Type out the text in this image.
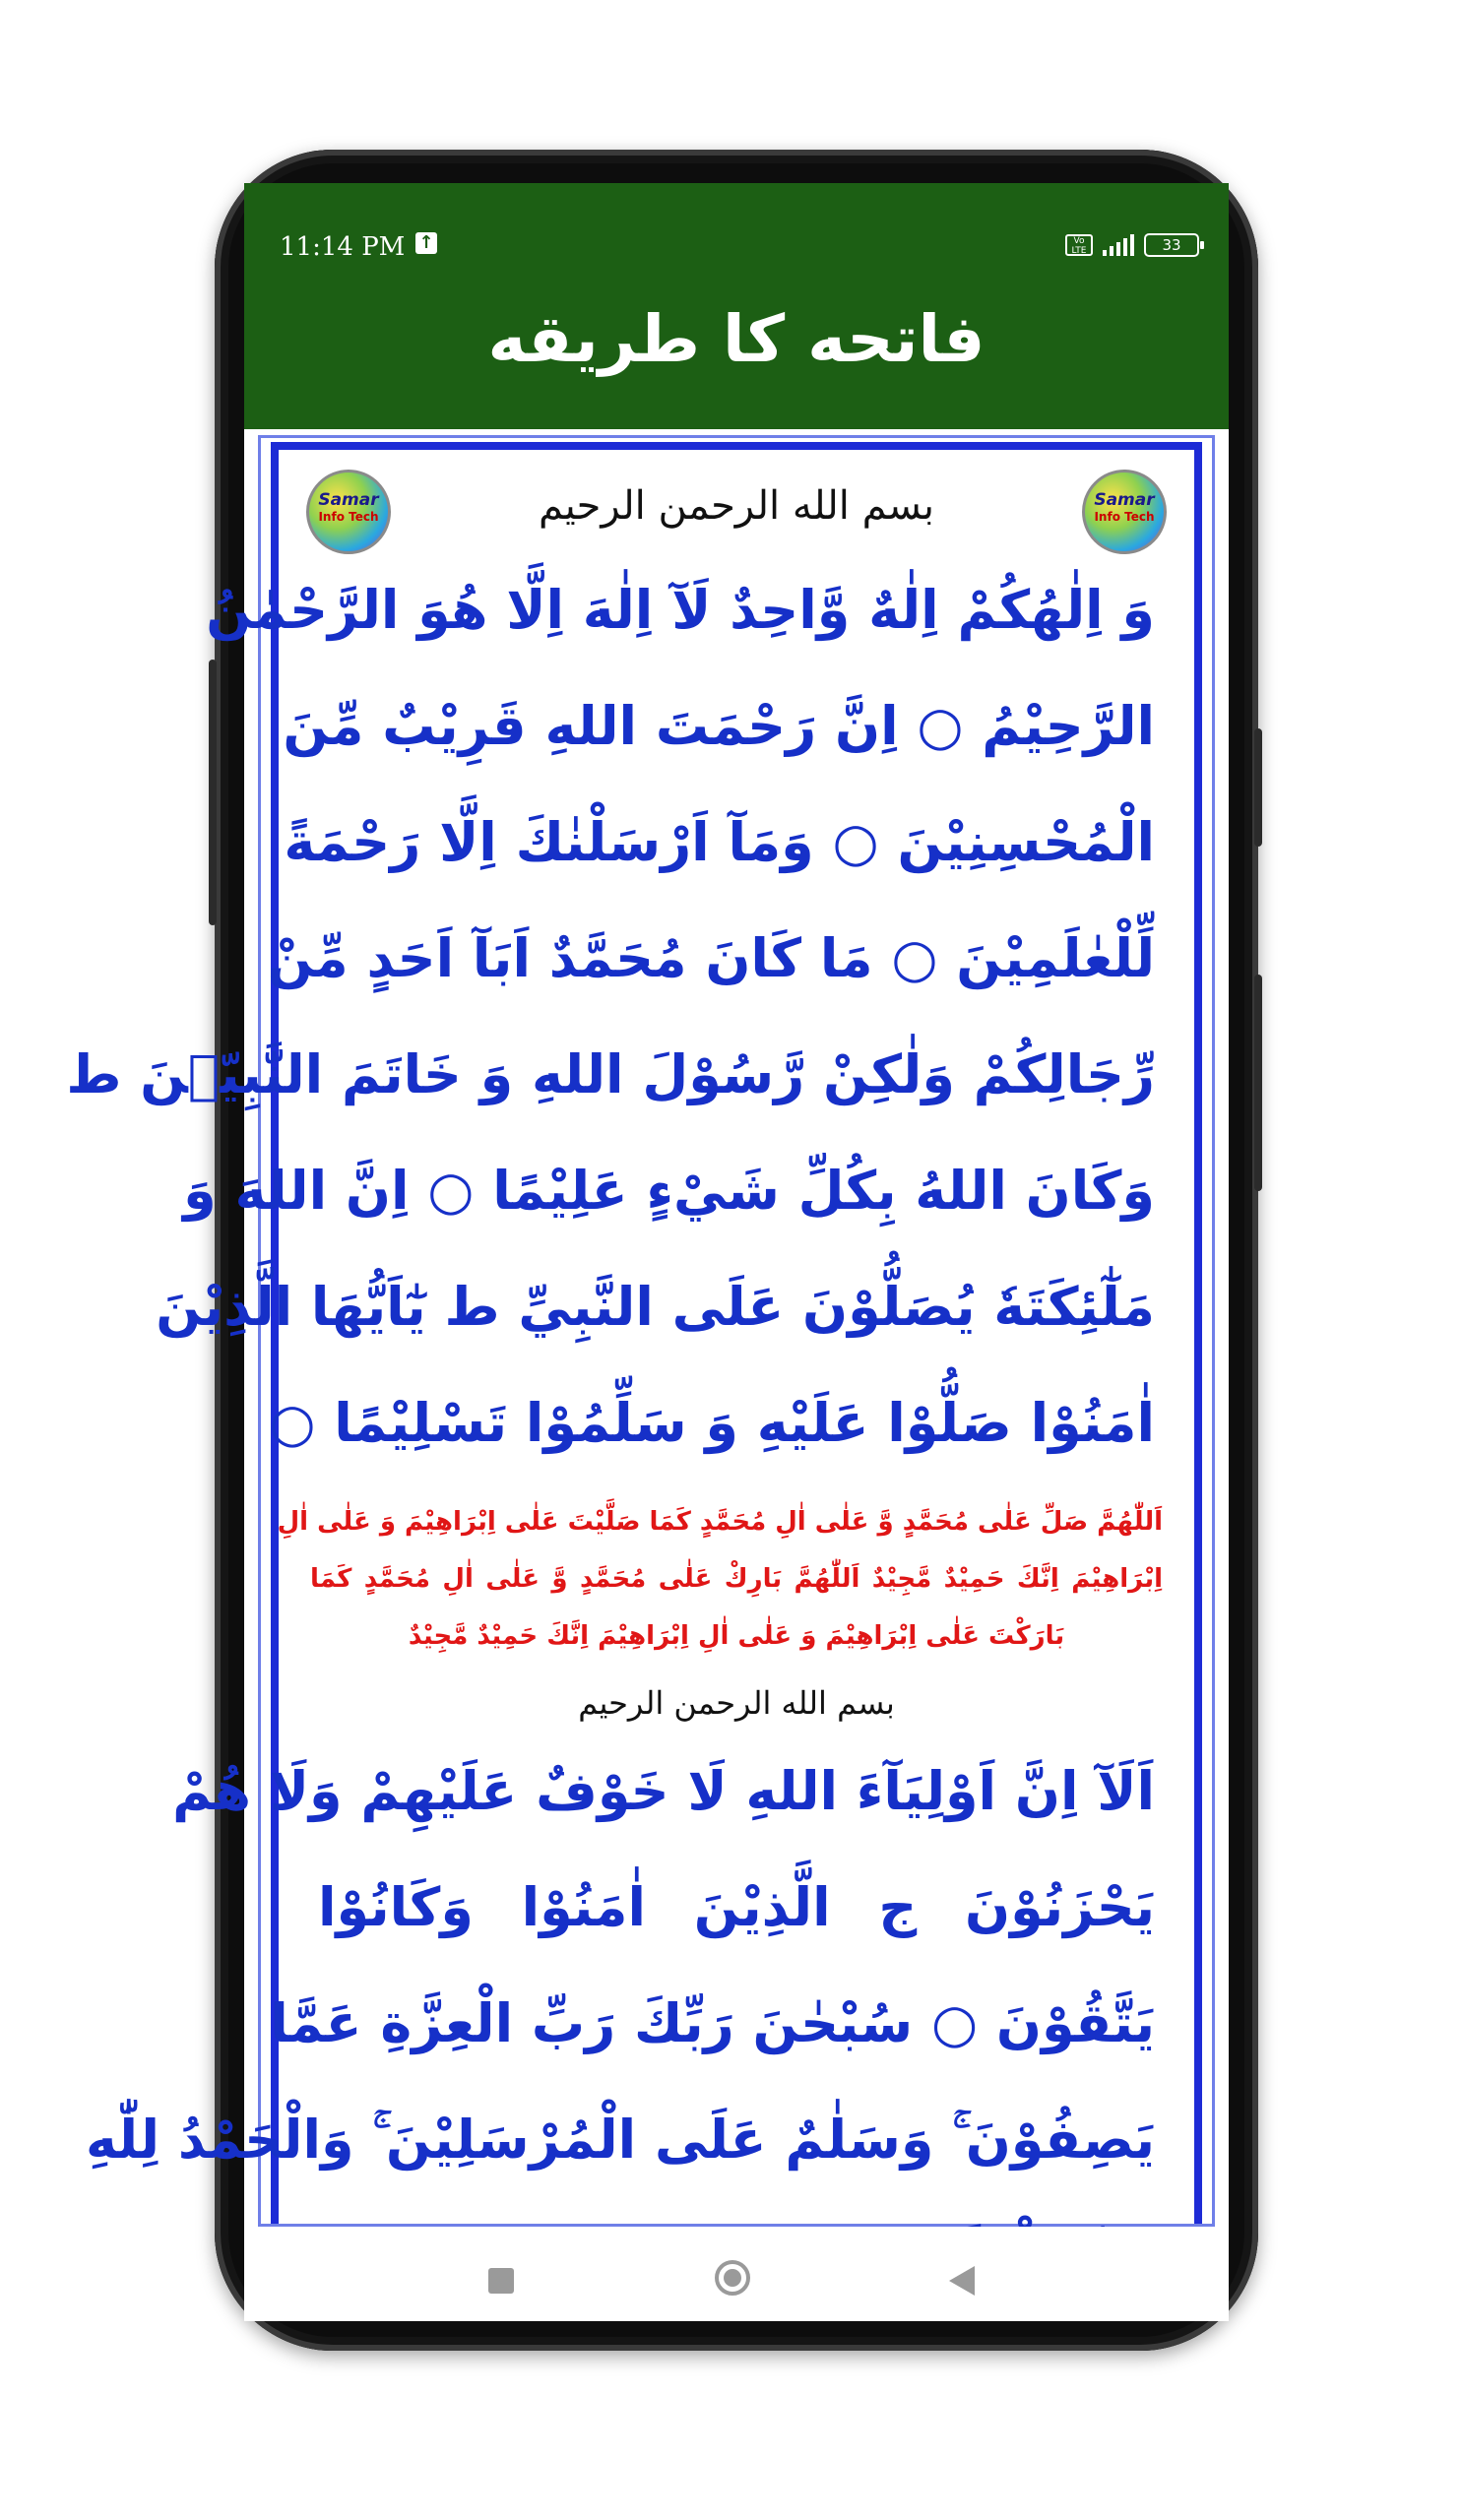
11:14 PM ↑	Vo LTE	33
فاتحه کا طریقه
Samar
Info Tech
Samar
Info Tech
بسم الله الرحمن الرحيم
وَ اِلٰهُكُمْ اِلٰهٌ وَّاحِدٌ لَآ اِلٰهَ اِلَّا هُوَ الرَّحْمٰنُ
الرَّحِيْمُ ○ اِنَّ رَحْمَتَ اللهِ قَرِيْبٌ مِّنَ
الْمُحْسِنِيْنَ ○ وَمَآ اَرْسَلْنٰكَ اِلَّا رَحْمَةً
لِّلْعٰلَمِيْنَ ○ مَا كَانَ مُحَمَّدٌ اَبَآ اَحَدٍ مِّنْ
رِّجَالِكُمْ وَلٰكِنْ رَّسُوْلَ اللهِ وَ خَاتَمَ النَّبِيّٖنَ ط
وَكَانَ اللهُ بِكُلِّ شَيْءٍ عَلِيْمًا ○ اِنَّ اللهَ وَ
مَلٰٓئِكَتَهٗ يُصَلُّوْنَ عَلَى النَّبِيِّ ط يٰٓاَيُّهَا الَّذِيْنَ
اٰمَنُوْا صَلُّوْا عَلَيْهِ وَ سَلِّمُوْا تَسْلِيْمًا ○
اَللّٰهُمَّ صَلِّ عَلٰى مُحَمَّدٍ وَّ عَلٰى اٰلِ مُحَمَّدٍ كَمَا صَلَّيْتَ عَلٰى اِبْرَاهِيْمَ وَ عَلٰى اٰلِ
اِبْرَاهِيْمَ اِنَّكَ حَمِيْدٌ مَّجِيْدٌ اَللّٰهُمَّ بَارِكْ عَلٰى مُحَمَّدٍ وَّ عَلٰى اٰلِ مُحَمَّدٍ كَمَا
بَارَكْتَ عَلٰى اِبْرَاهِيْمَ وَ عَلٰى اٰلِ اِبْرَاهِيْمَ اِنَّكَ حَمِيْدٌ مَّجِيْدٌ
بسم الله الرحمن الرحيم
اَلَآ اِنَّ اَوْلِيَآءَ اللهِ لَا خَوْفٌ عَلَيْهِمْ وَلَا هُمْ
يَحْزَنُوْنَ ج الَّذِيْنَ اٰمَنُوْا وَكَانُوْا
يَتَّقُوْنَ ○ سُبْحٰنَ رَبِّكَ رَبِّ الْعِزَّةِ عَمَّا
يَصِفُوْنَ ۚ وَسَلٰمٌ عَلَى الْمُرْسَلِيْنَ ۚ وَالْحَمْدُ لِلّٰهِ
